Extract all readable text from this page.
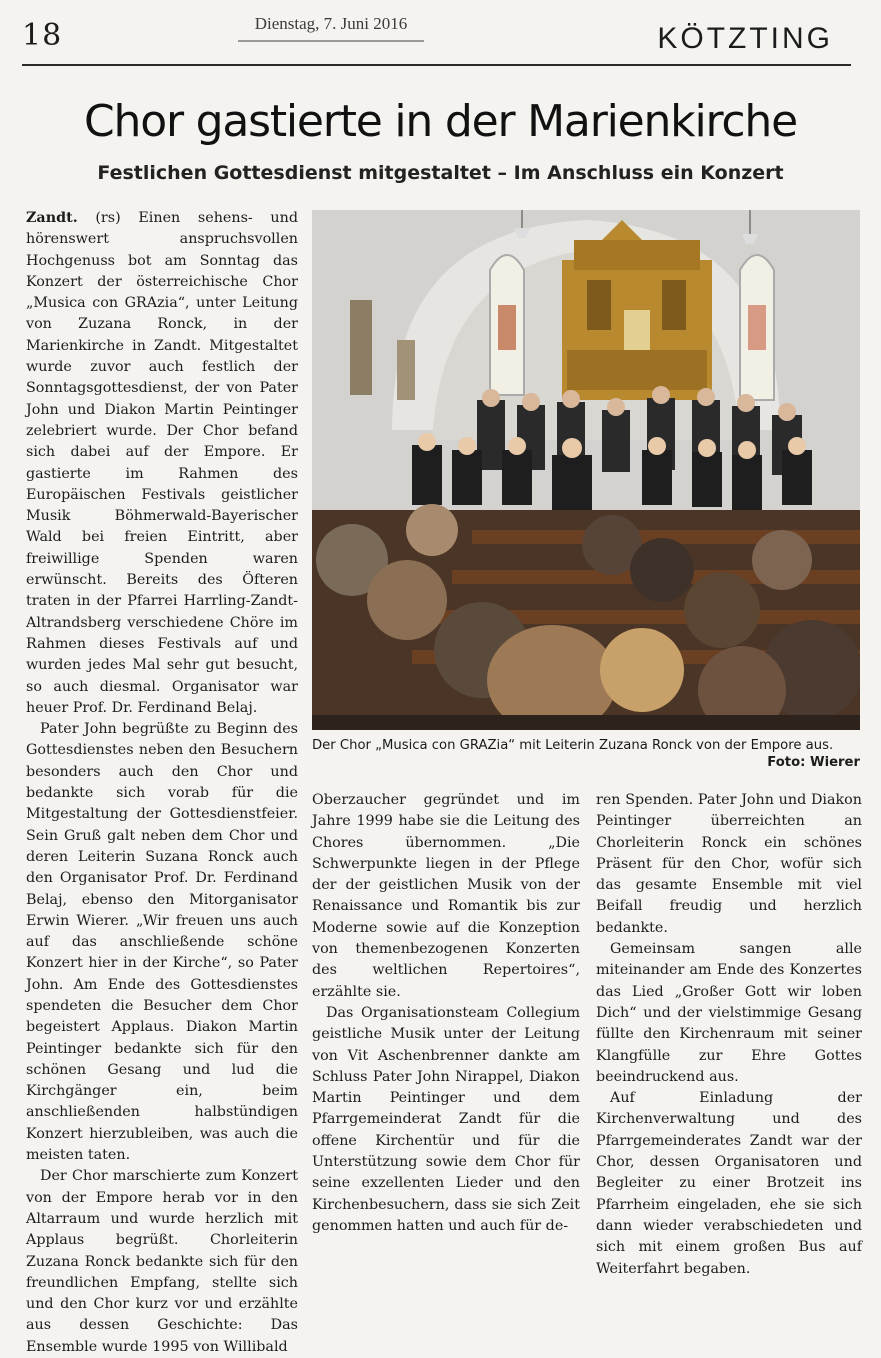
18	Dienstag, 7. Juni 2016	KÖTZTING
Chor gastierte in der Marienkirche
Festlichen Gottesdienst mitgestaltet – Im Anschluss ein Konzert

Zandt. (rs) Einen sehens- und hörenswert anspruchsvollen Hochgenuss bot am Sonntag das Konzert der österreichische Chor „Musica con GRAzia“, unter Leitung von Zuzana Ronck, in der Marienkirche in Zandt. Mitgestaltet wurde zuvor auch festlich der Sonntagsgottesdienst, der von Pater John und Diakon Martin Peintinger zelebriert wurde. Der Chor befand sich dabei auf der Empore. Er gastierte im Rahmen des Europäischen Festivals geistlicher Musik Böhmerwald-Bayerischer Wald bei freien Eintritt, aber freiwillige Spenden waren erwünscht. Bereits des Öfteren traten in der Pfarrei Harrling-Zandt-Altrandsberg verschiedene Chöre im Rahmen dieses Festivals auf und wurden jedes Mal sehr gut besucht, so auch diesmal. Organisator war heuer Prof. Dr. Ferdinand Belaj.

Pater John begrüßte zu Beginn des Gottesdienstes neben den Besuchern besonders auch den Chor und bedankte sich vorab für die Mitgestaltung der Gottesdienstfeier. Sein Gruß galt neben dem Chor und deren Leiterin Suzana Ronck auch den Organisator Prof. Dr. Ferdinand Belaj, ebenso den Mitorganisator Erwin Wierer. „Wir freuen uns auch auf das anschließende schöne Konzert hier in der Kirche“, so Pater John. Am Ende des Gottesdienstes spendeten die Besucher dem Chor begeistert Applaus. Diakon Martin Peintinger bedankte sich für den schönen Gesang und lud die Kirchgänger ein, beim anschließenden halbstündigen Konzert hierzubleiben, was auch die meisten taten.

Der Chor marschierte zum Konzert von der Empore herab vor in den Altarraum und wurde herzlich mit Applaus begrüßt. Chorleiterin Zuzana Ronck bedankte sich für den freundlichen Empfang, stellte sich und den Chor kurz vor und erzählte aus dessen Geschichte: Das Ensemble wurde 1995 von Willibald

Der Chor „Musica con GRAZia“ mit Leiterin Zuzana Ronck von der Empore aus.
Foto: Wierer

Oberzaucher gegründet und im Jahre 1999 habe sie die Leitung des Chores übernommen. „Die Schwerpunkte liegen in der Pflege der der geistlichen Musik von der Renaissance und Romantik bis zur Moderne sowie auf die Konzeption von themenbezogenen Konzerten des weltlichen Repertoires“, erzählte sie.

Das Organisationsteam Collegium geistliche Musik unter der Leitung von Vit Aschenbrenner dankte am Schluss Pater John Nirappel, Diakon Martin Peintinger und dem Pfarrgemeinderat Zandt für die offene Kirchentür und für die Unterstützung sowie dem Chor für seine exzellenten Lieder und den Kirchenbesuchern, dass sie sich Zeit genommen hatten und auch für de-

ren Spenden. Pater John und Diakon Peintinger überreichten an Chorleiterin Ronck ein schönes Präsent für den Chor, wofür sich das gesamte Ensemble mit viel Beifall freudig und herzlich bedankte.

Gemeinsam sangen alle miteinander am Ende des Konzertes das Lied „Großer Gott wir loben Dich“ und der vielstimmige Gesang füllte den Kirchenraum mit seiner Klangfülle zur Ehre Gottes beeindruckend aus.

Auf Einladung der Kirchenverwaltung und des Pfarrgemeinderates Zandt war der Chor, dessen Organisatoren und Begleiter zu einer Brotzeit ins Pfarrheim eingeladen, ehe sie sich dann wieder verabschiedeten und sich mit einem großen Bus auf Weiterfahrt begaben.
